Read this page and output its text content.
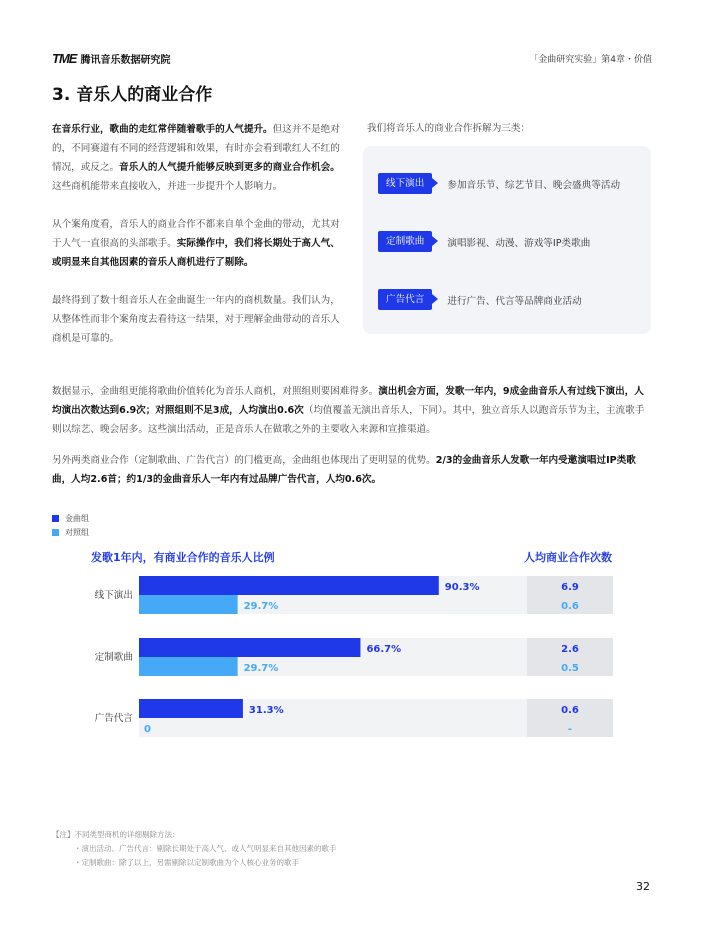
TME 腾讯音乐数据研究院	「金曲研究实验」第4章・价值
3. 音乐人的商业合作

在音乐行业，歌曲的走红常伴随着歌手的人气提升。但这并不是绝对的，不同赛道有不同的经营逻辑和效果，有时亦会看到歌红人不红的情况，或反之。音乐人的人气提升能够反映到更多的商业合作机会。这些商机能带来直接收入，并进一步提升个人影响力。

从个案角度看，音乐人的商业合作不都来自单个金曲的带动，尤其对于人气一直很高的头部歌手。实际操作中，我们将长期处于高人气、或明显来自其他因素的音乐人商机进行了剔除。

最终得到了数十组音乐人在金曲诞生一年内的商机数量。我们认为，从整体性而非个案角度去看待这一结果，对于理解金曲带动的音乐人商机是可靠的。

我们将音乐人的商业合作拆解为三类：
线下演出	参加音乐节、综艺节目、晚会盛典等活动
定制歌曲	演唱影视、动漫、游戏等IP类歌曲
广告代言	进行广告、代言等品牌商业活动

数据显示，金曲组更能将歌曲价值转化为音乐人商机，对照组则要困难得多。演出机会方面，发歌一年内，9成金曲音乐人有过线下演出，人均演出次数达到6.9次；对照组则不足3成，人均演出0.6次（均值覆盖无演出音乐人，下同）。其中，独立音乐人以跑音乐节为主，主流歌手则以综艺、晚会居多。这些演出活动，正是音乐人在做歌之外的主要收入来源和宣推渠道。

另外两类商业合作（定制歌曲、广告代言）的门槛更高，金曲组也体现出了更明显的优势。2/3的金曲音乐人发歌一年内受邀演唱过IP类歌曲，人均2.6首；约1/3的金曲音乐人一年内有过品牌广告代言，人均0.6次。

金曲组
对照组
发歌1年内，有商业合作的音乐人比例	人均商业合作次数
线下演出
90.3%	6.9
29.7%	0.6
定制歌曲
66.7%	2.6
29.7%	0.5
广告代言
31.3%	0.6
0	-
【注】不同类型商机的详细剔除方法：
・演出活动、广告代言：剔除长期处于高人气、或人气明显来自其他因素的歌手
・定制歌曲：除了以上，另需剔除以定制歌曲为个人核心业务的歌手
32
